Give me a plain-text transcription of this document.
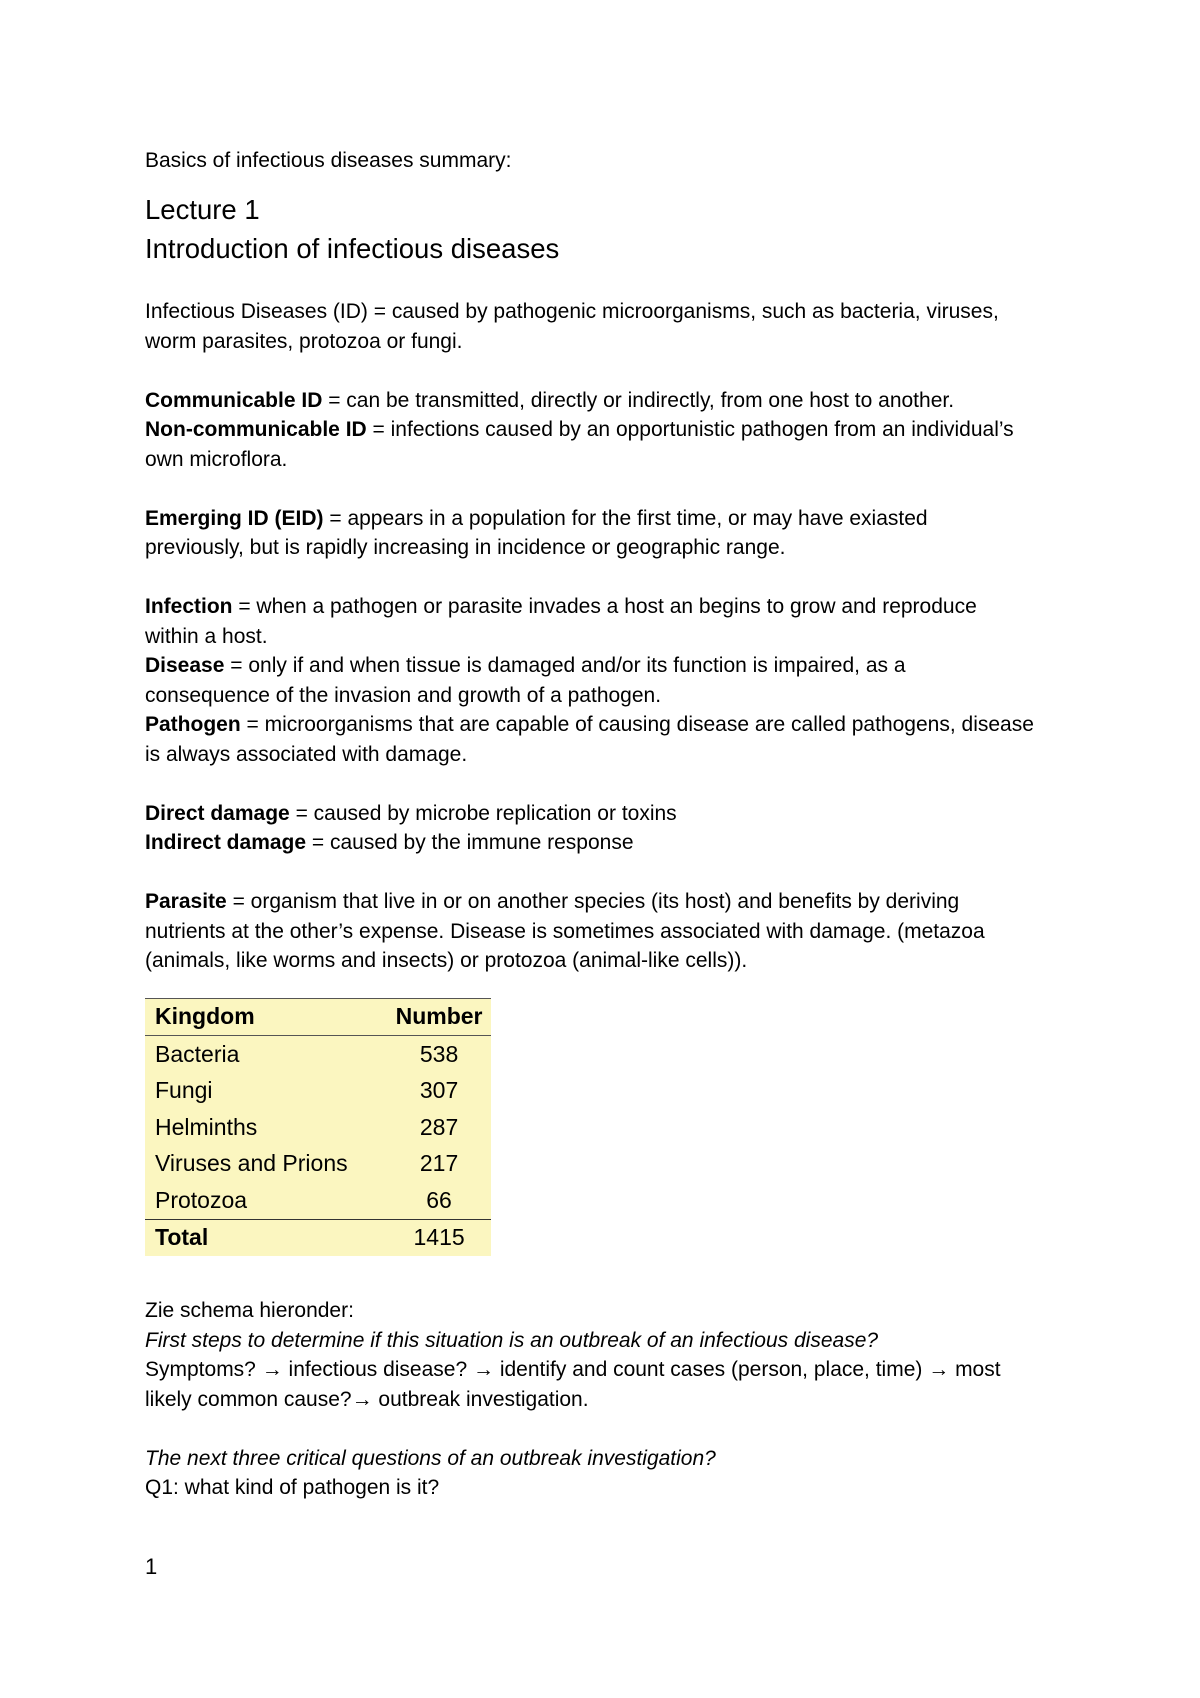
Basics of infectious diseases summary:

Lecture 1

Introduction of infectious diseases

Infectious Diseases (ID) = caused by pathogenic microorganisms, such as bacteria, viruses,

worm parasites, protozoa or fungi.

Communicable ID = can be transmitted, directly or indirectly, from one host to another.

Non-communicable ID = infections caused by an opportunistic pathogen from an individual’s

own microflora.

Emerging ID (EID) = appears in a population for the first time, or may have exiasted

previously, but is rapidly increasing in incidence or geographic range.

Infection = when a pathogen or parasite invades a host an begins to grow and reproduce

within a host.

Disease = only if and when tissue is damaged and/or its function is impaired, as a

consequence of the invasion and growth of a pathogen.

Pathogen = microorganisms that are capable of causing disease are called pathogens, disease

is always associated with damage.

Direct damage = caused by microbe replication or toxins

Indirect damage = caused by the immune response

Parasite = organism that live in or on another species (its host) and benefits by deriving

nutrients at the other’s expense. Disease is sometimes associated with damage. (metazoa

(animals, like worms and insects) or protozoa (animal-like cells)).

Kingdom	Number
Bacteria	538
Fungi	307
Helminths	287
Viruses and Prions	217
Protozoa	66
Total	1415

Zie schema hieronder:

First steps to determine if this situation is an outbreak of an infectious disease?

Symptoms? → infectious disease? → identify and count cases (person, place, time) → most

likely common cause?→ outbreak investigation.

The next three critical questions of an outbreak investigation?

Q1: what kind of pathogen is it?

1
